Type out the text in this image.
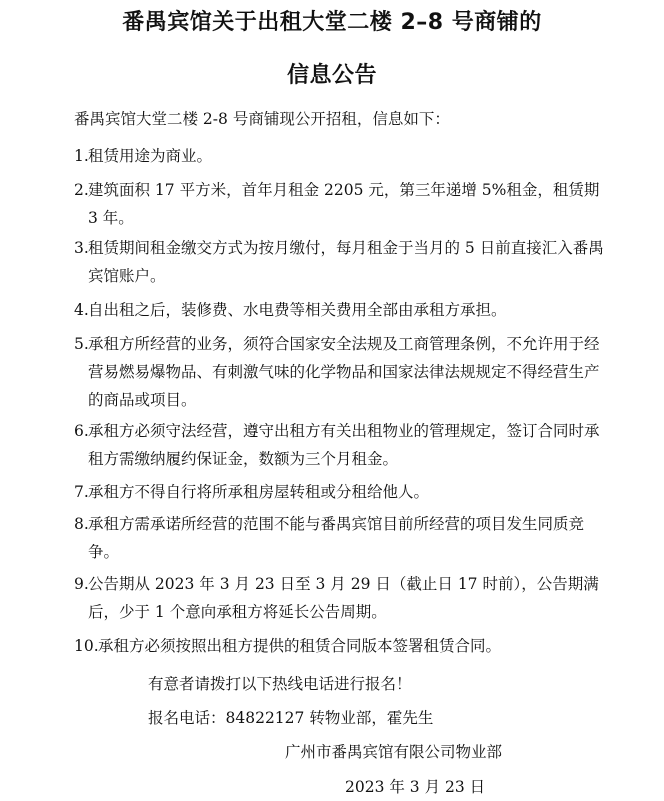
番禺宾馆关于出租大堂二楼 2–8 号商铺的
信息公告
番禺宾馆大堂二楼 2-8 号商铺现公开招租，信息如下：
1. 租赁用途为商业。
2. 建筑面积 17 平方米，首年月租金 2205 元，第三年递增 5%租金，租赁期 3 年。
3. 租赁期间租金缴交方式为按月缴付，每月租金于当月的 5 日前直接汇入番禺宾馆账户。
4. 自出租之后，装修费、水电费等相关费用全部由承租方承担。
5. 承租方所经营的业务，须符合国家安全法规及工商管理条例，不允许用于经营易燃易爆物品、有刺激气味的化学物品和国家法律法规规定不得经营生产的商品或项目。
6. 承租方必须守法经营，遵守出租方有关出租物业的管理规定，签订合同时承租方需缴纳履约保证金，数额为三个月租金。
7. 承租方不得自行将所承租房屋转租或分租给他人。
8. 承租方需承诺所经营的范围不能与番禺宾馆目前所经营的项目发生同质竞争。
9. 公告期从 2023 年 3 月 23 日至 3 月 29 日（截止日 17 时前），公告期满后，少于 1 个意向承租方将延长公告周期。
10. 承租方必须按照出租方提供的租赁合同版本签署租赁合同。
有意者请拨打以下热线电话进行报名！
报名电话：84822127 转物业部，霍先生
广州市番禺宾馆有限公司物业部
2023 年 3 月 23 日
